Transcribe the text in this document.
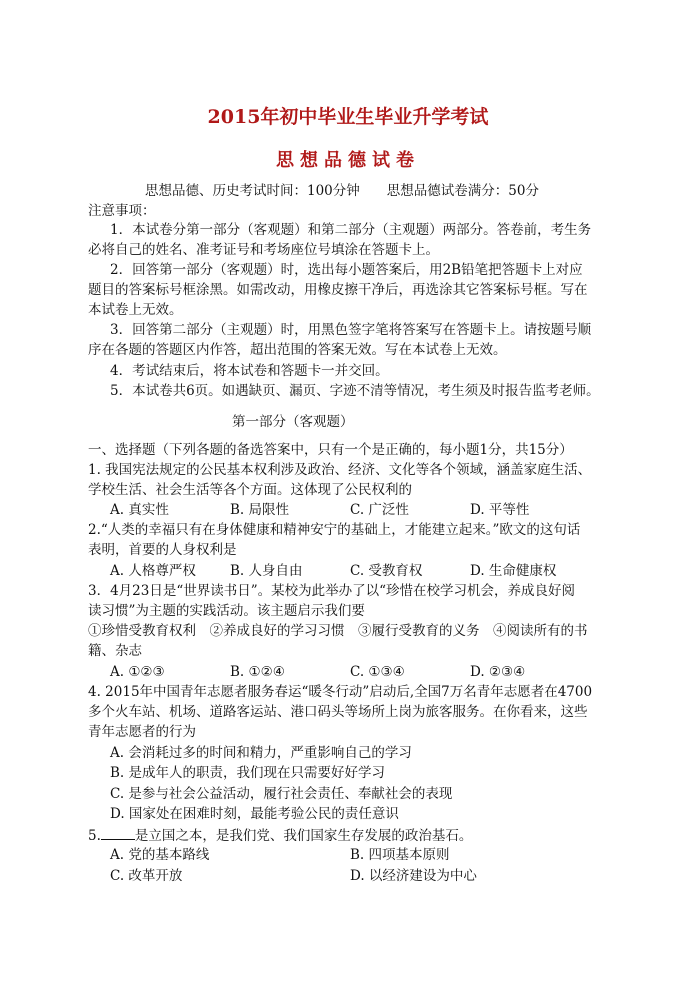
2015年初中毕业生毕业升学考试
思想品德试卷
思想品德、历史考试时间：100分钟　　思想品德试卷满分：50分
注意事项：
1．本试卷分第一部分（客观题）和第二部分（主观题）两部分。答卷前，考生务
必将自己的姓名、准考证号和考场座位号填涂在答题卡上。
2．回答第一部分（客观题）时，选出每小题答案后，用2B铅笔把答题卡上对应
题目的答案标号框涂黑。如需改动，用橡皮擦干净后，再选涂其它答案标号框。写在
本试卷上无效。
3．回答第二部分（主观题）时，用黑色签字笔将答案写在答题卡上。请按题号顺
序在各题的答题区内作答，超出范围的答案无效。写在本试卷上无效。
4．考试结束后，将本试卷和答题卡一并交回。
5．本试卷共6页。如遇缺页、漏页、字迹不清等情况，考生须及时报告监考老师。
第一部分（客观题）
一、选择题（下列各题的备选答案中，只有一个是正确的，每小题1分，共15分）
1. 我国宪法规定的公民基本权利涉及政治、经济、文化等各个领域，涵盖家庭生活、
学校生活、社会生活等各个方面。这体现了公民权利的
A. 真实性	B. 局限性	C. 广泛性	D. 平等性
2.“人类的幸福只有在身体健康和精神安宁的基础上，才能建立起来。”欧文的这句话
表明，首要的人身权利是
A. 人格尊严权	B. 人身自由	C. 受教育权	D. 生命健康权
3．4月23日是“世界读书日”。某校为此举办了以“珍惜在校学习机会，养成良好阅
读习惯”为主题的实践活动。该主题启示我们要
①珍惜受教育权利　②养成良好的学习习惯　③履行受教育的义务　④阅读所有的书
籍、杂志
A. ①②③	B. ①②④	C. ①③④	D. ②③④
4. 2015年中国青年志愿者服务春运“暖冬行动”启动后,全国7万名青年志愿者在4700
多个火车站、机场、道路客运站、港口码头等场所上岗为旅客服务。在你看来，这些
青年志愿者的行为
A. 会消耗过多的时间和精力，严重影响自己的学习
B. 是成年人的职责，我们现在只需要好好学习
C. 是参与社会公益活动，履行社会责任、奉献社会的表现
D. 国家处在困难时刻，最能考验公民的责任意识
5.	是立国之本，是我们党、我们国家生存发展的政治基石。
A. 党的基本路线	B. 四项基本原则
C. 改革开放	D. 以经济建设为中心
